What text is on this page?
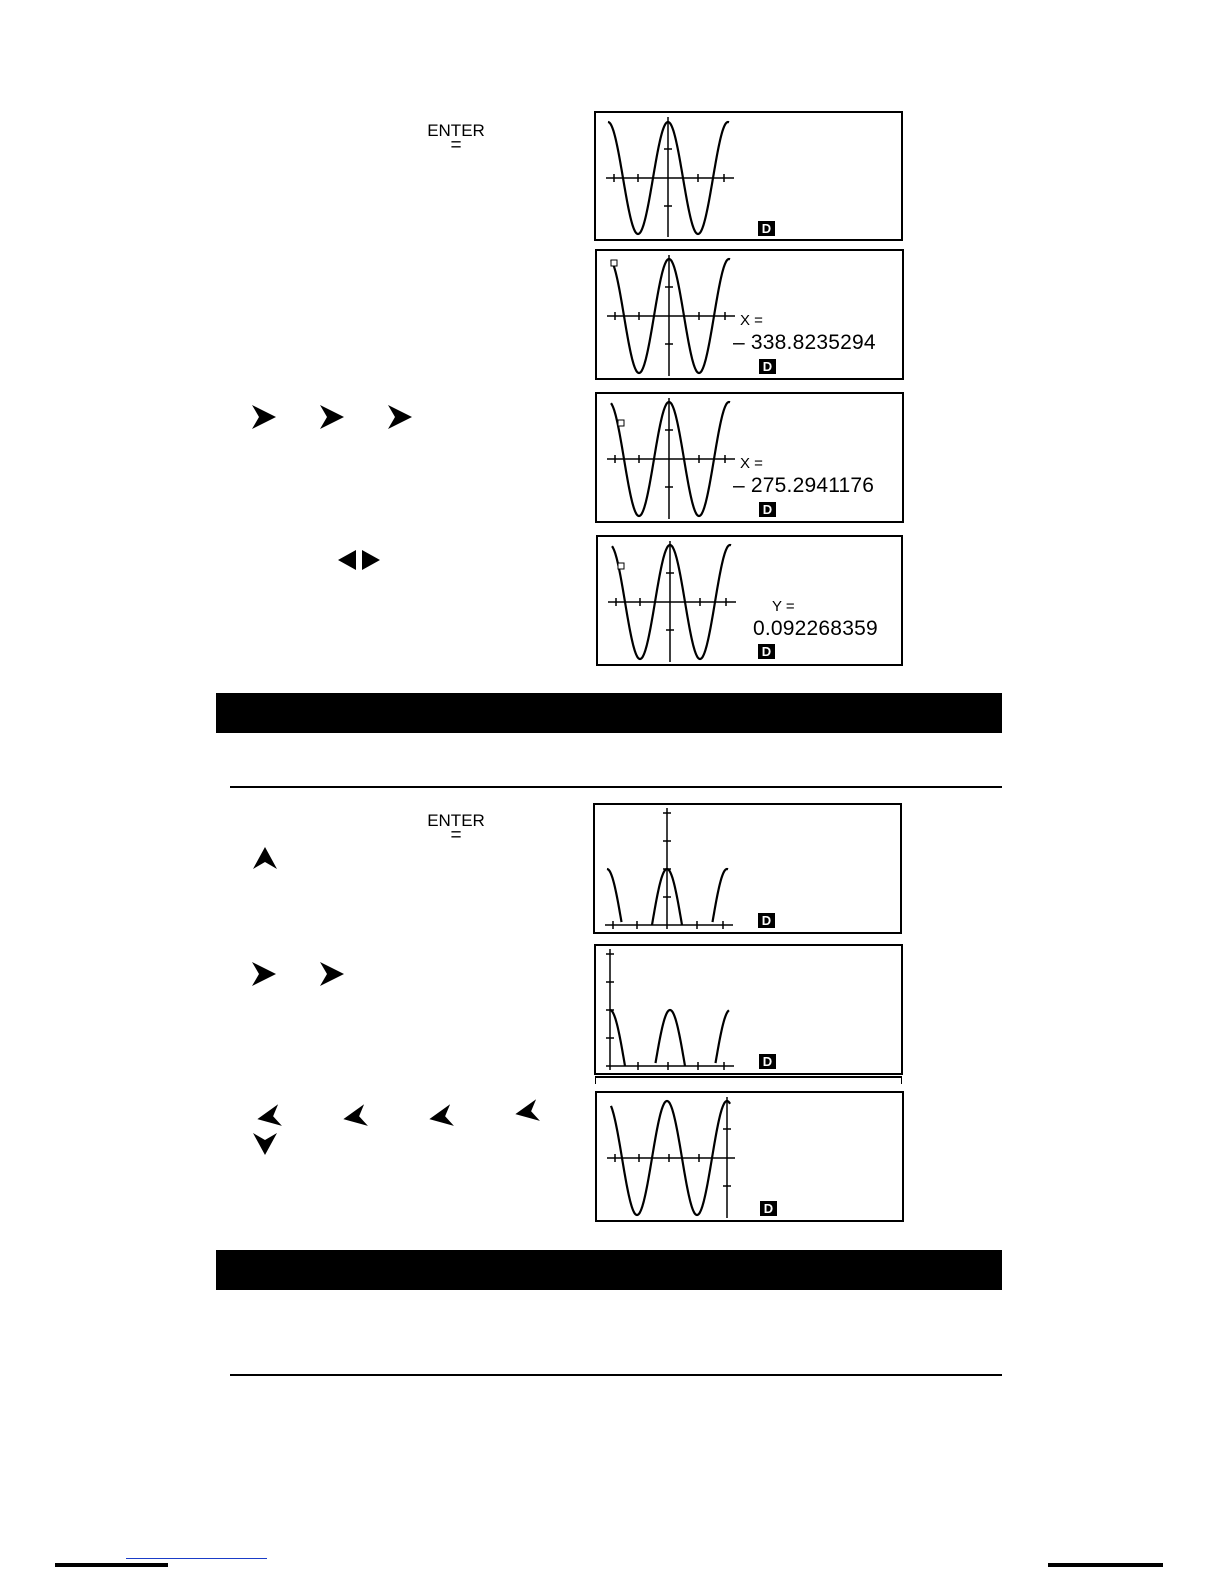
ENTER
=
D
X =
– 338.8235294
D
X =
– 275.2941176
D
Y =
0.092268359
D
ENTER
=
D
D
D
